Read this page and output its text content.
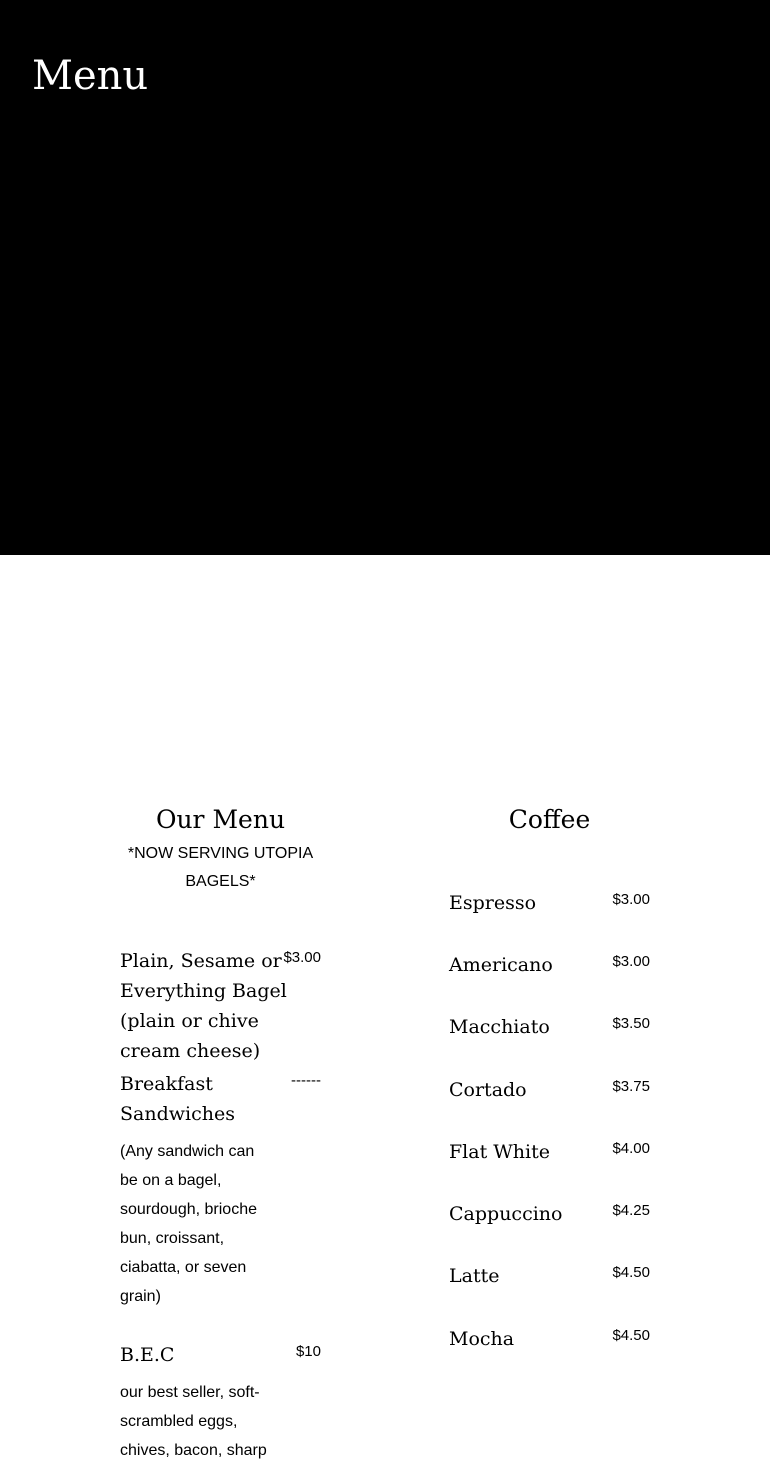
Menu
Our Menu

*NOW SERVING UTOPIA BAGELS*

Plain, Sesame or Everything Bagel (plain or chive cream cheese)
$3.00
Breakfast Sandwiches
------
(Any sandwich can be on a bagel, sourdough, brioche bun, croissant, ciabatta, or seven grain)
B.E.C	$10
our best seller, soft-scrambled eggs, chives, bacon, sharp
Coffee
Espresso	$3.00
Americano	$3.00
Macchiato	$3.50
Cortado	$3.75
Flat White	$4.00
Cappuccino	$4.25
Latte	$4.50
Mocha	$4.50
